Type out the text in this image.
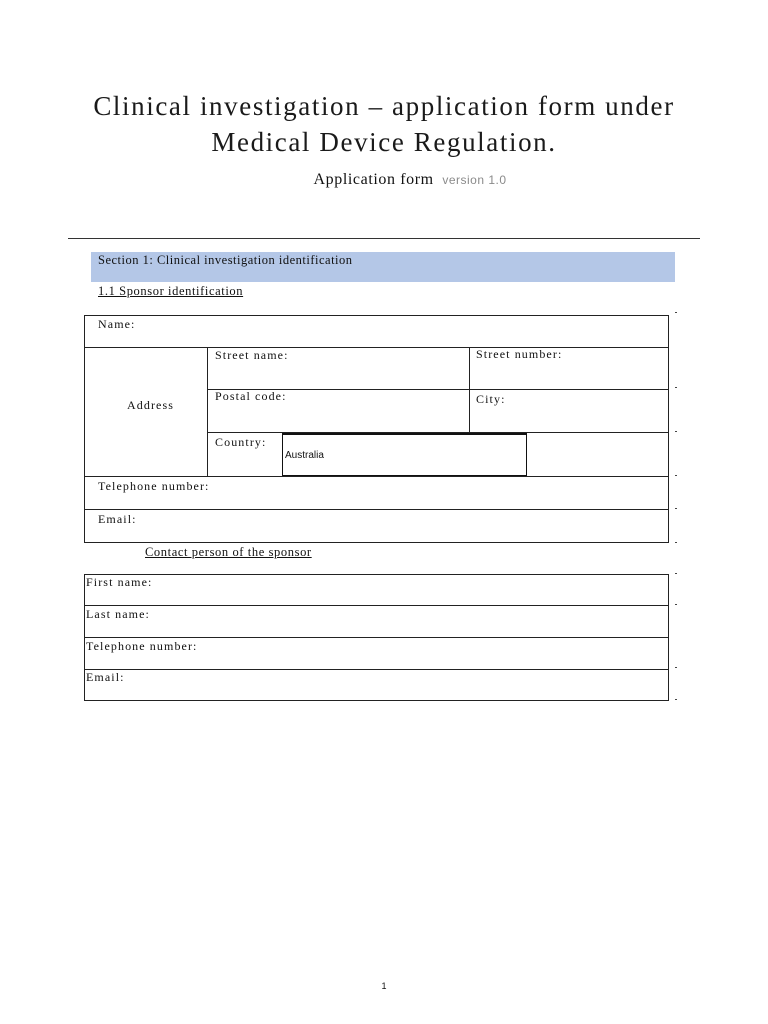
Clinical investigation – application form under
Medical Device Regulation.
Application form version 1.0
Section 1: Clinical investigation identification
1.1 Sponsor identification
Name:
Address
Street name:	Street number:
Postal code:	City:
Country:
Australia
Telephone number:
Email:
Contact person of the sponsor
First name:
Last name:
Telephone number:
Email:
1
